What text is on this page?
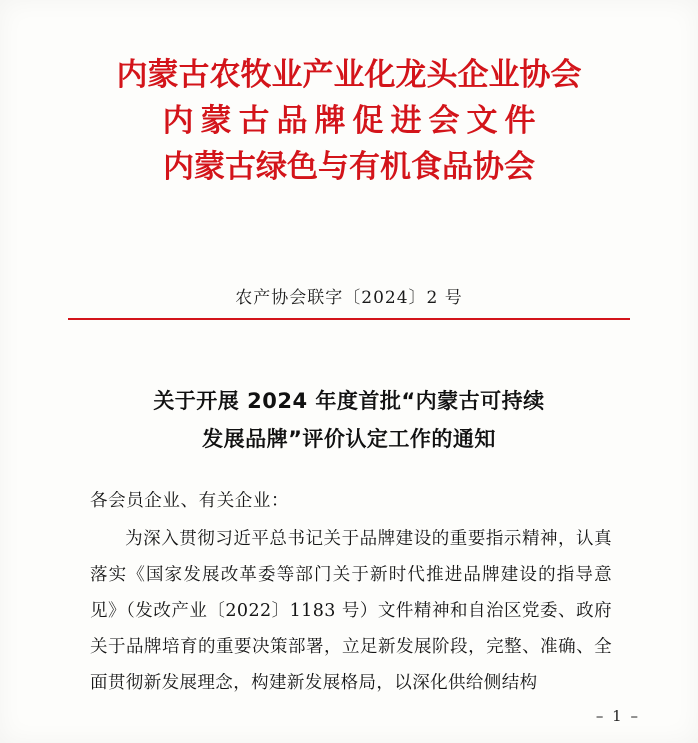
内蒙古农牧业产业化龙头企业协会
内蒙古品牌促进会文件
内蒙古绿色与有机食品协会
农产协会联字〔2024〕2 号
关于开展 2024 年度首批“内蒙古可持续
发展品牌”评价认定工作的通知
各会员企业、有关企业：
为深入贯彻习近平总书记关于品牌建设的重要指示精神，认真落实《国家发展改革委等部门关于新时代推进品牌建设的指导意见》（发改产业〔2022〕1183 号）文件精神和自治区党委、政府关于品牌培育的重要决策部署，立足新发展阶段，完整、准确、全面贯彻新发展理念，构建新发展格局，以深化供给侧结构
– 1 –
